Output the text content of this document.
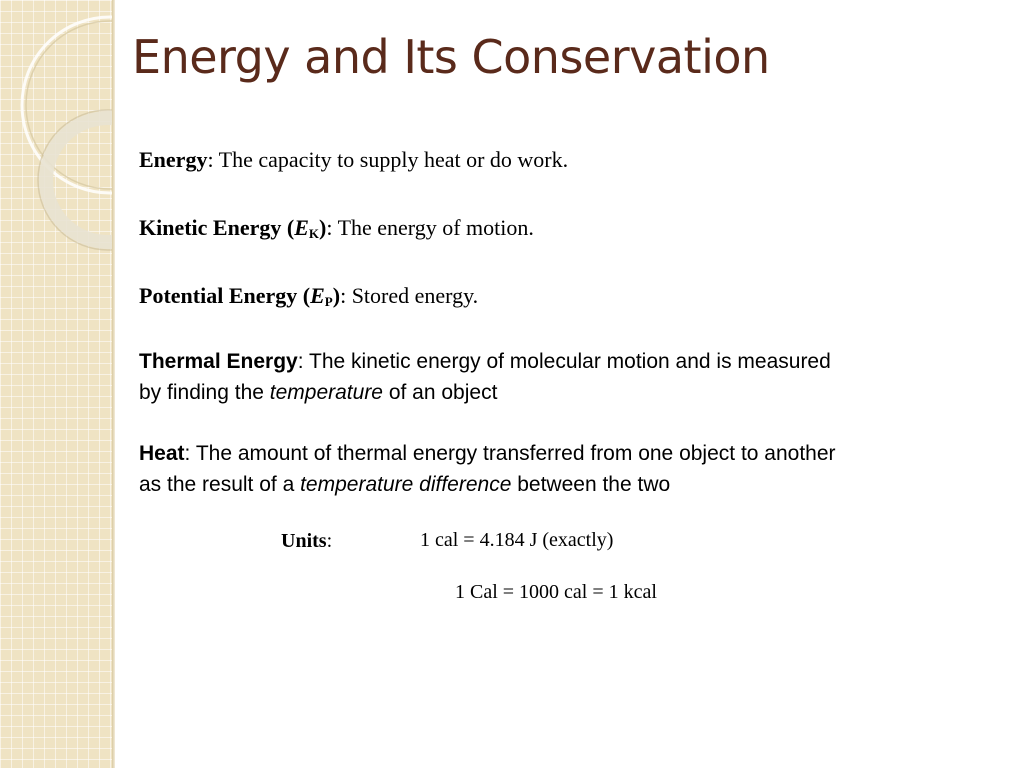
Energy and Its Conservation

Energy: The capacity to supply heat or do work.

Kinetic Energy $(E_K)$: The energy of motion.

Potential Energy $(E_P)$: Stored energy.

Thermal Energy: The kinetic energy of molecular motion and is measured
by finding the temperature of an object

Heat: The amount of thermal energy transferred from one object to another
as the result of a temperature difference between the two

Units:	1 cal = 4.184 J (exactly)
1 Cal = 1000 cal = 1 kcal
